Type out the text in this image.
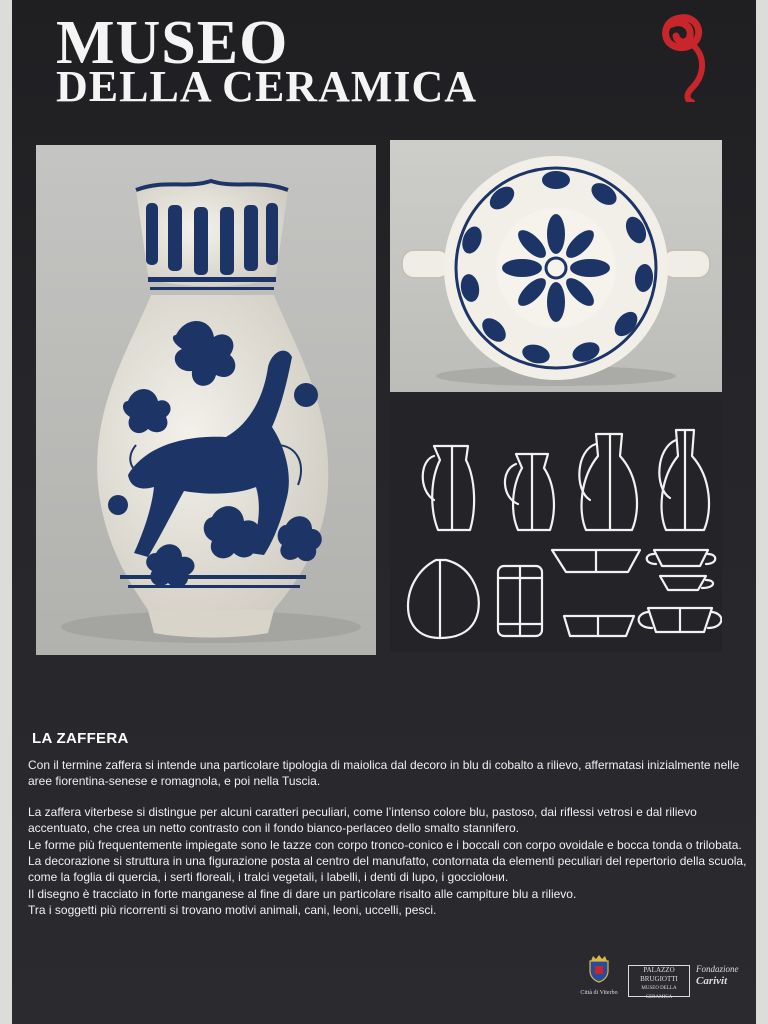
MUSEO
DELLA CERAMICA
LA ZAFFERA

Con il termine zaffera si intende una particolare tipologia di maiolica dal decoro in blu di cobalto a rilievo, affermatasi inizialmente nelle aree fiorentina-senese e romagnola, e poi nella Tuscia.

La zaffera viterbese si distingue per alcuni caratteri peculiari, come l’intenso colore blu, pastoso, dai riflessi vetrosi e dal rilievo accentuato, che crea un netto contrasto con il fondo bianco-perlaceo dello smalto stannifero.

Le forme più frequentemente impiegate sono le tazze con corpo tronco-conico e i boccali con corpo ovoidale e bocca tonda o trilobata.

La decorazione si struttura in una figurazione posta al centro del manufatto, contornata da elementi peculiari del repertorio della scuola, come la foglia di quercia, i serti floreali, i tralci vegetali, i labelli, i denti di lupo, i gocciolони.

Il disegno è tracciato in forte manganese al fine di dare un particolare risalto alle campiture blu a rilievo.

Tra i soggetti più ricorrenti si trovano motivi animali, cani, leoni, uccelli, pesci.

Città di Viterbo
PALAZZO
BRUGIOTTI
MUSEO DELLA CERAMICA
Fondazione
Carivit
